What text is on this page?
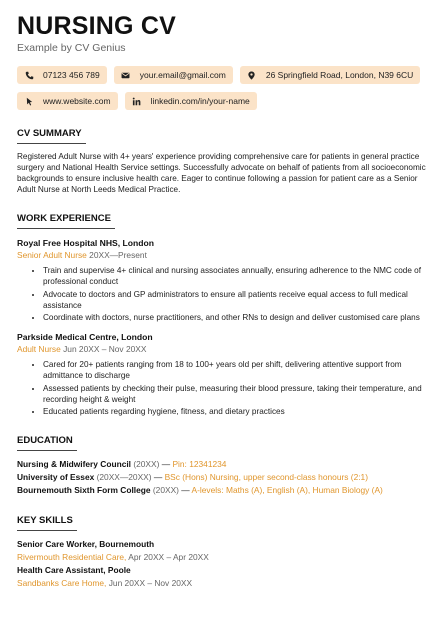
NURSING CV
Example by CV Genius
07123 456 789	your.email@gmail.com	26 Springfield Road, London, N39 6CU
www.website.com	linkedin.com/in/your-name
CV SUMMARY
Registered Adult Nurse with 4+ years' experience providing comprehensive care for patients in general practice surgery and National Health Service settings. Successfully advocate on behalf of patients from all socioeconomic backgrounds to ensure inclusive health care. Eager to continue following a passion for patient care as a Senior Adult Nurse at North Leeds Medical Practice.
WORK EXPERIENCE
Royal Free Hospital NHS, London
Senior Adult Nurse 20XX—Present
• Train and supervise 4+ clinical and nursing associates annually, ensuring adherence to the NMC code of professional conduct
• Advocate to doctors and GP administrators to ensure all patients receive equal access to full medical assistance
• Coordinate with doctors, nurse practitioners, and other RNs to design and deliver customised care plans
Parkside Medical Centre, London
Adult Nurse Jun 20XX – Nov 20XX
• Cared for 20+ patients ranging from 18 to 100+ years old per shift, delivering attentive support from admittance to discharge
• Assessed patients by checking their pulse, measuring their blood pressure, taking their temperature, and recording height & weight
• Educated patients regarding hygiene, fitness, and dietary practices
EDUCATION
Nursing & Midwifery Council (20XX) — Pin: 12341234
University of Essex (20XX—20XX) — BSc (Hons) Nursing, upper second-class honours (2:1)
Bournemouth Sixth Form College (20XX) — A-levels: Maths (A), English (A), Human Biology (A)
KEY SKILLS
Senior Care Worker, Bournemouth
Rivermouth Residential Care, Apr 20XX – Apr 20XX
Health Care Assistant, Poole
Sandbanks Care Home, Jun 20XX – Nov 20XX
